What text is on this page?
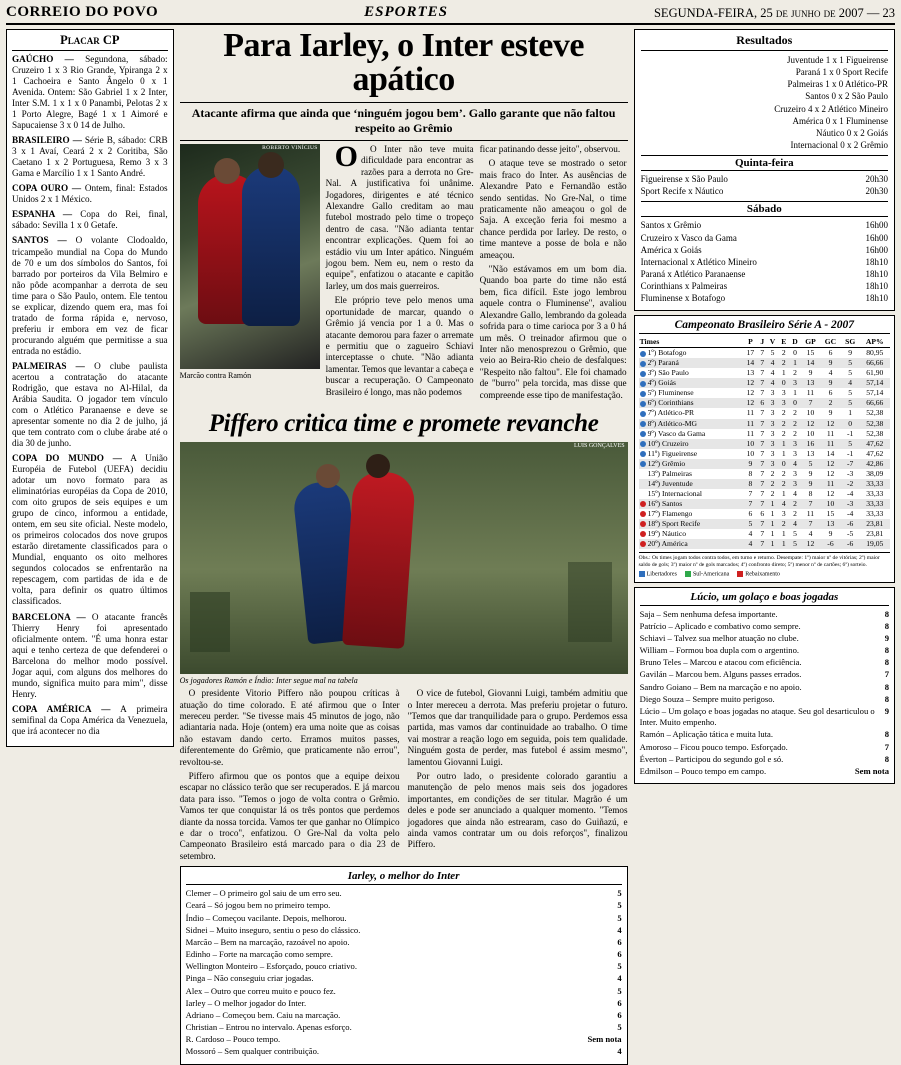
CORREIO DO POVO	ESPORTES	SEGUNDA-FEIRA, 25 de junho de 2007 — 23
Placar CP

GAÚCHO — Segundona, sábado: Cruzeiro 1 x 3 Rio Grande, Ypiranga 2 x 1 Cachoeira e Santo Ângelo 0 x 1 Avenida. Ontem: São Gabriel 1 x 2 Inter, Inter S.M. 1 x 1 x 0 Panambi, Pelotas 2 x 1 Porto Alegre, Bagé 1 x 1 Aimoré e Sapucaiense 3 x 0 14 de Julho.

BRASILEIRO — Série B, sábado: CRB 3 x 1 Avaí, Ceará 2 x 2 Coritiba, São Caetano 1 x 2 Portuguesa, Remo 3 x 3 Gama e Marcílio 1 x 1 Santo André.

COPA OURO — Ontem, final: Estados Unidos 2 x 1 México.

ESPANHA — Copa do Rei, final, sábado: Sevilla 1 x 0 Getafe.

SANTOS — O volante Clodoaldo, tricampeão mundial na Copa do Mundo de 70 e um dos símbolos do Santos, foi barrado por porteiros da Vila Belmiro e não pôde acompanhar a derrota de seu time para o São Paulo, ontem. Ele tentou se explicar, dizendo quem era, mas foi tratado de forma rápida e, nervoso, preferiu ir embora em vez de ficar procurando alguém que permitisse a sua entrada no estádio.

PALMEIRAS — O clube paulista acertou a contratação do atacante Rodrigão, que estava no Al-Hilal, da Arábia Saudita. O jogador tem vínculo com o Atlético Paranaense e deve se apresentar somente no dia 2 de julho, já que tem contrato com o clube árabe até o dia 30 de junho.

COPA DO MUNDO — A União Européia de Futebol (UEFA) decidiu adotar um novo formato para as eliminatórias européias da Copa de 2010, com oito grupos de seis equipes e um grupo de cinco, informou a entidade, ontem, em seu site oficial. Neste modelo, os primeiros colocados dos nove grupos estarão diretamente classificados para o Mundial, enquanto os oito melhores segundos colocados se enfrentarão na repescagem, com partidas de ida e de volta, para definir os quatro últimos classificados.

BARCELONA — O atacante francês Thierry Henry foi apresentado oficialmente ontem. "É uma honra estar aqui e tenho certeza de que defenderei o Barcelona do melhor modo possível. Jogar aqui, com alguns dos melhores do mundo, significa muito para mim", disse Henry.

COPA AMÉRICA — A primeira semifinal da Copa América da Venezuela, que irá acontecer no dia

Para Iarley, o Inter esteve apático
Atacante afirma que ainda que ‘ninguém jogou bem’. Gallo garante que não faltou respeito ao Grêmio
ROBERTO VINÍCIUS
Marcão contra Ramón

O	O Inter não teve muita dificuldade para encontrar as razões para a derrota no Gre-Nal. A justificativa foi unânime. Jogadores, dirigentes e até técnico Alexandre Gallo creditam ao mau futebol mostrado pelo time o tropeço dentro de casa. "Não adianta tentar encontrar explicações. Quem foi ao estádio viu um Inter apático. Ninguém jogou bem. Nem eu, nem o resto da equipe", enfatizou o atacante e capitão Iarley, um dos mais guerreiros.

Ele próprio teve pelo menos uma oportunidade de marcar, quando o Grêmio já vencia por 1 a 0. Mas o atacante demorou para fazer o arremate e permitiu que o zagueiro Schiavi interceptasse o chute. "Não adianta lamentar. Temos que levantar a cabeça e buscar a recuperação. O Campeonato Brasileiro é longo, mas não podemos

ficar patinando desse jeito", observou.

O ataque teve se mostrado o setor mais fraco do Inter. As ausências de Alexandre Pato e Fernandão estão sendo sentidas. No Gre-Nal, o time praticamente não ameaçou o gol de Saja. A exceção feria foi mesmo a chance perdida por Iarley. De resto, o time manteve a posse de bola e não ameaçou.

"Não estávamos em um bom dia. Quando boa parte do time não está bem, fica difícil. Este jogo lembrou aquele contra o Fluminense", avaliou Alexandre Gallo, lembrando da goleada sofrida para o time carioca por 3 a 0 há um mês. O treinador afirmou que o Inter não menosprezou o Grêmio, que veio ao Beira-Rio cheio de desfalques: "Respeito não faltou". Ele foi chamado de "burro" pela torcida, mas disse que compreende esse tipo de manifestação.

Piffero critica time e promete revanche
LUIS GONÇALVES
Os jogadores Ramón e Índio: Inter segue mal na tabela

O presidente Vitorio Piffero não poupou críticas à atuação do time colorado. E até afirmou que o Inter mereceu perder. "Se tivesse mais 45 minutos de jogo, não adiantaria nada. Hoje (ontem) era uma noite que as coisas não estavam dando certo. Erramos muitos passes, diferentemente do Grêmio, que praticamente não errou", revoltou-se.

Piffero afirmou que os pontos que a equipe deixou escapar no clássico terão que ser recuperados. E já marcou data para isso. "Temos o jogo de volta contra o Grêmio. Vamos ter que conquistar lá os três pontos que perdemos diante da nossa torcida. Vamos ter que ganhar no Olímpico e dar o troco", enfatizou. O Gre-Nal da volta pelo Campeonato Brasileiro está marcado para o dia 23 de setembro.

O vice de futebol, Giovanni Luigi, também admitiu que o Inter mereceu a derrota. Mas preferiu projetar o futuro. "Temos que dar tranquilidade para o grupo. Perdemos essa partida, mas vamos dar continuidade ao trabalho. O time vai mostrar a reação logo em seguida, pois tem qualidade. Ninguém gosta de perder, mas futebol é assim mesmo", lamentou Giovanni Luigi.

Por outro lado, o presidente colorado garantiu a manutenção de pelo menos mais seis dos jogadores importantes, em condições de ser titular. Magrão é um deles e pode ser anunciado a qualquer momento. "Temos jogadores que ainda não estrearam, caso do Guiñazú, e ainda vamos contratar um ou dois reforços", finalizou Piffero.

Iarley, o melhor do Inter
Clemer – O primeiro gol saiu de um erro seu.	5
Ceará – Só jogou bem no primeiro tempo.	5
Índio – Começou vacilante. Depois, melhorou.	5
Sidnei – Muito inseguro, sentiu o peso do clássico.	4
Marcão – Bem na marcação, razoável no apoio.	6
Edinho – Forte na marcação como sempre.	6
Wellington Monteiro – Esforçado, pouco criativo.	5
Pinga – Não conseguiu criar jogadas.	4
Alex – Outro que correu muito e pouco fez.	5
Iarley – O melhor jogador do Inter.	6
Adriano – Começou bem. Caiu na marcação.	6
Christian – Entrou no intervalo. Apenas esforço.	5
R. Cardoso – Pouco tempo.	Sem nota
Mossoró – Sem qualquer contribuição.	4
Resultados
Juventude 1 x 1 Figueirense
Paraná 1 x 0 Sport Recife
Palmeiras 1 x 0 Atlético-PR
Santos 0 x 2 São Paulo
Cruzeiro 4 x 2 Atlético Mineiro
América 0 x 1 Fluminense
Náutico 0 x 2 Goiás
Internacional 0 x 2 Grêmio
Quinta-feira
Figueirense x São Paulo	20h30
Sport Recife x Náutico	20h30
Sábado
Santos x Grêmio	16h00
Cruzeiro x Vasco da Gama	16h00
América x Goiás	16h00
Internacional x Atlético Mineiro	18h10
Paraná x Atlético Paranaense	18h10
Corinthians x Palmeiras	18h10
Fluminense x Botafogo	18h10
Campeonato Brasileiro Série A - 2007
Times	P	J	V	E	D	GP	GC	SG	AP%
1º) Botafogo	17	7	5	2	0	15	6	9	80,95
2º) Paraná	14	7	4	2	1	14	9	5	66,66
3º) São Paulo	13	7	4	1	2	9	4	5	61,90
4º) Goiás	12	7	4	0	3	13	9	4	57,14
5º) Fluminense	12	7	3	3	1	11	6	5	57,14
6º) Corinthians	12	6	3	3	0	7	2	5	66,66
7º) Atlético-PR	11	7	3	2	2	10	9	1	52,38
8º) Atlético-MG	11	7	3	2	2	12	12	0	52,38
9º) Vasco da Gama	11	7	3	2	2	10	11	-1	52,38
10º) Cruzeiro	10	7	3	1	3	16	11	5	47,62
11º) Figueirense	10	7	3	1	3	13	14	-1	47,62
12º) Grêmio	9	7	3	0	4	5	12	-7	42,86
13º) Palmeiras	8	7	2	2	3	9	12	-3	38,09
14º) Juventude	8	7	2	2	3	9	11	-2	33,33
15º) Internacional	7	7	2	1	4	8	12	-4	33,33
16º) Santos	7	7	1	4	2	7	10	-3	33,33
17º) Flamengo	6	6	1	3	2	11	15	-4	33,33
18º) Sport Recife	5	7	1	2	4	7	13	-6	23,81
19º) Náutico	4	7	1	1	5	4	9	-5	23,81
20º) América	4	7	1	1	5	12	-6	-6	19,05
Obs.: Os times jogam todos contra todos, em turno e returno. Desempate: 1º) maior nº de vitórias; 2º) maior saldo de gols; 3º) maior nº de gols marcados; 4º) confronto direto; 5º) menor nº de cartões; 6º) sorteio.
Libertadores	Sul-Americana	Rebaixamento
Lúcio, um golaço e boas jogadas
Saja – Sem nenhuma defesa importante.	8
Patrício – Aplicado e combativo como sempre.	8
Schiavi – Talvez sua melhor atuação no clube.	9
William – Formou boa dupla com o argentino.	8
Bruno Teles – Marcou e atacou com eficiência.	8
Gavilán – Marcou bem. Alguns passes errados.	7
Sandro Goiano – Bem na marcação e no apoio.	8
Diego Souza – Sempre muito perigoso.	8
Lúcio – Um golaço e boas jogadas no ataque. Seu gol desarticulou o Inter. Muito empenho.
9
Ramón – Aplicação tática e muita luta.	8
Amoroso – Ficou pouco tempo. Esforçado.	7
Éverton – Participou do segundo gol e só.	8
Edmilson – Pouco tempo em campo.	Sem nota
